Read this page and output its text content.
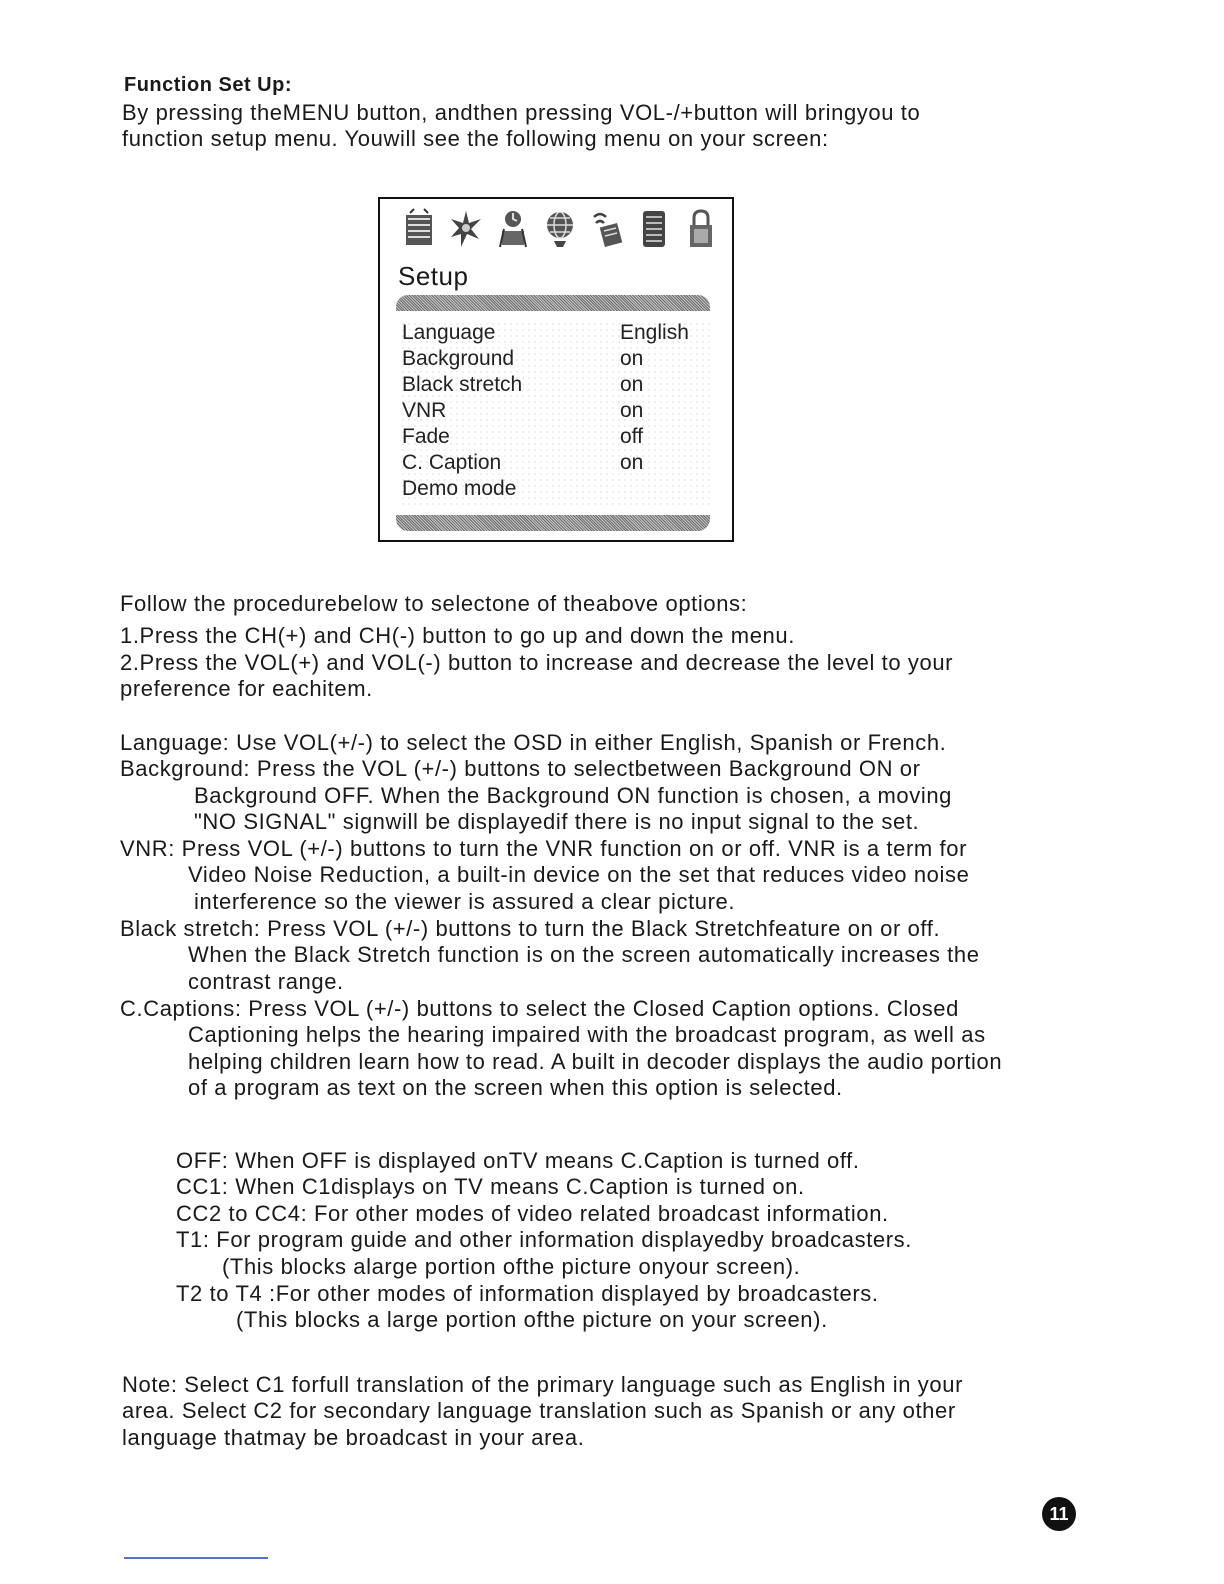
Function Set Up:
By pressing theMENU button, andthen pressing VOL-/+button will bringyou to
function setup menu. Youwill see the following menu on your screen:
Setup
Language	English
Background	on
Black stretch	on
VNR	on
Fade	off
C. Caption	on
Demo mode
Follow the procedurebelow to selectone of theabove options:
1.Press the CH(+) and CH(-) button to go up and down the menu.
2.Press the VOL(+) and VOL(-) button to increase and decrease the level to your
preference for eachitem.
Language: Use VOL(+/-) to select the OSD in either English, Spanish or French.
Background: Press the VOL (+/-) buttons to selectbetween Background ON or
Background OFF. When the Background ON function is chosen, a moving
"NO SIGNAL" signwill be displayedif there is no input signal to the set.
VNR: Press VOL (+/-) buttons to turn the VNR function on or off. VNR is a term for
Video Noise Reduction, a built-in device on the set that reduces video noise
interference so the viewer is assured a clear picture.
Black stretch: Press VOL (+/-) buttons to turn the Black Stretchfeature on or off.
When the Black Stretch function is on the screen automatically increases the
contrast range.
C.Captions: Press VOL (+/-) buttons to select the Closed Caption options. Closed
Captioning helps the hearing impaired with the broadcast program, as well as
helping children learn how to read. A built in decoder displays the audio portion
of a program as text on the screen when this option is selected.
OFF: When OFF is displayed onTV means C.Caption is turned off.
CC1: When C1displays on TV means C.Caption is turned on.
CC2 to CC4: For other modes of video related broadcast information.
T1: For program guide and other information displayedby broadcasters.
(This blocks alarge portion ofthe picture onyour screen).
T2 to T4 :For other modes of information displayed by broadcasters.
(This blocks a large portion ofthe picture on your screen).
Note: Select C1 forfull translation of the primary language such as English in your
area. Select C2 for secondary language translation such as Spanish or any other
language thatmay be broadcast in your area.
11
